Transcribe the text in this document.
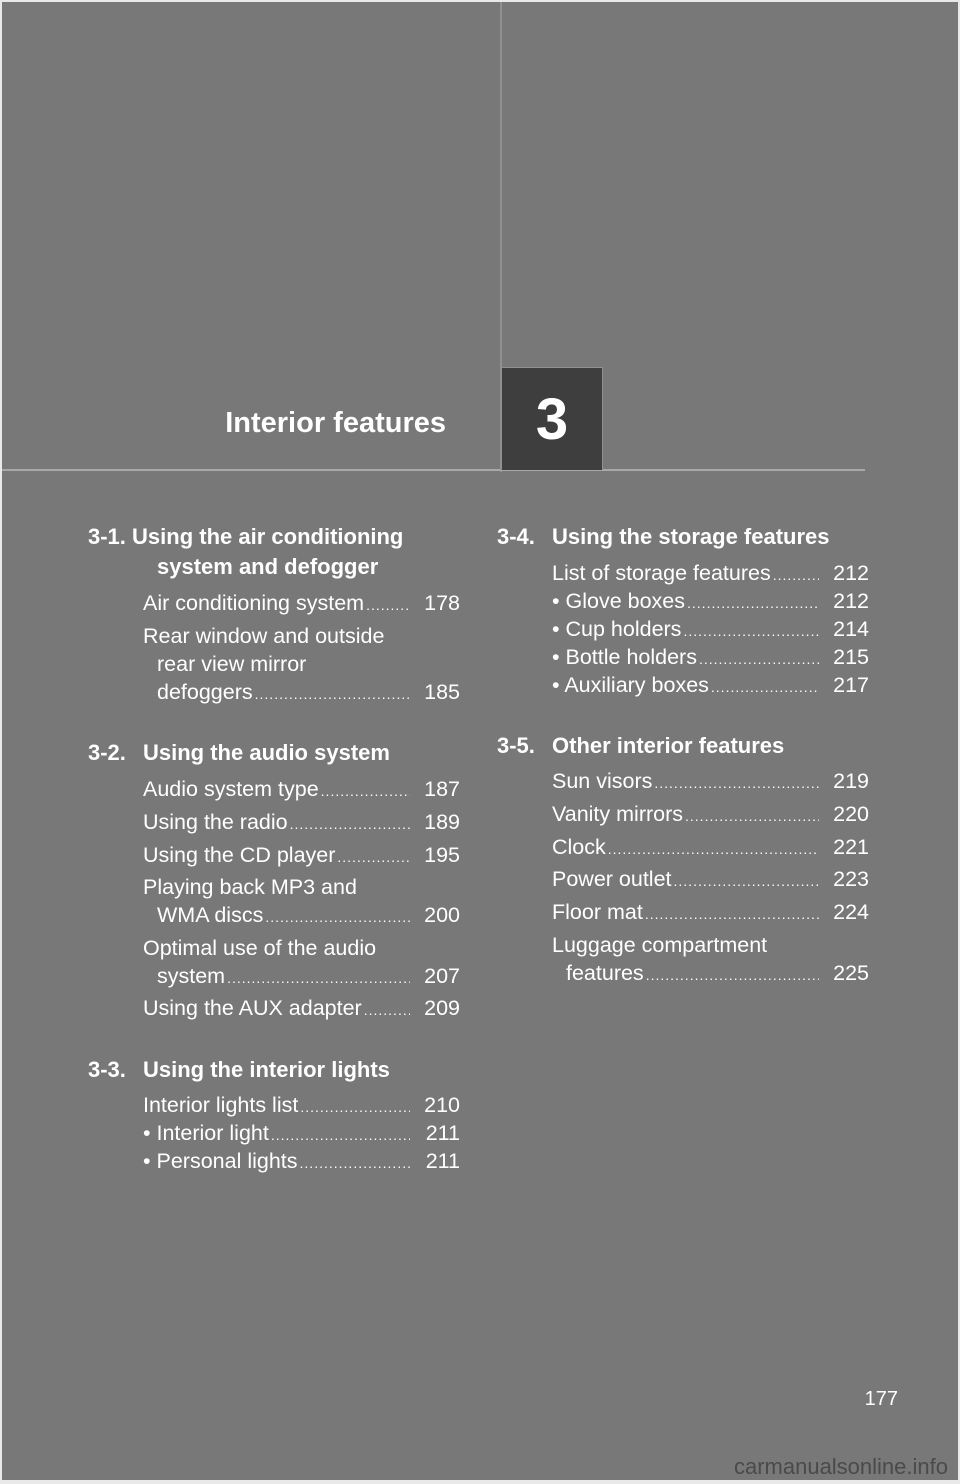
Interior features	3
3-1. Using the air conditioning
system and defogger
Air conditioning system .....	178
Rear window and outside
rear view mirror
defoggers .....	185
3-2. Using the audio system
Audio system type .....	187
Using the radio .....	189
Using the CD player .....	195
Playing back MP3 and
WMA discs .....	200
Optimal use of the audio
system .....	207
Using the AUX adapter .....	209
3-3. Using the interior lights
Interior lights list .....	210
• Interior light .....	211
• Personal lights .....	211
3-4. Using the storage features
List of storage features .....	212
• Glove boxes .....	212
• Cup holders .....	214
• Bottle holders .....	215
• Auxiliary boxes .....	217
3-5. Other interior features
Sun visors .....	219
Vanity mirrors .....	220
Clock .....	221
Power outlet .....	223
Floor mat .....	224
Luggage compartment
features .....	225
177
carmanualsonline.info
